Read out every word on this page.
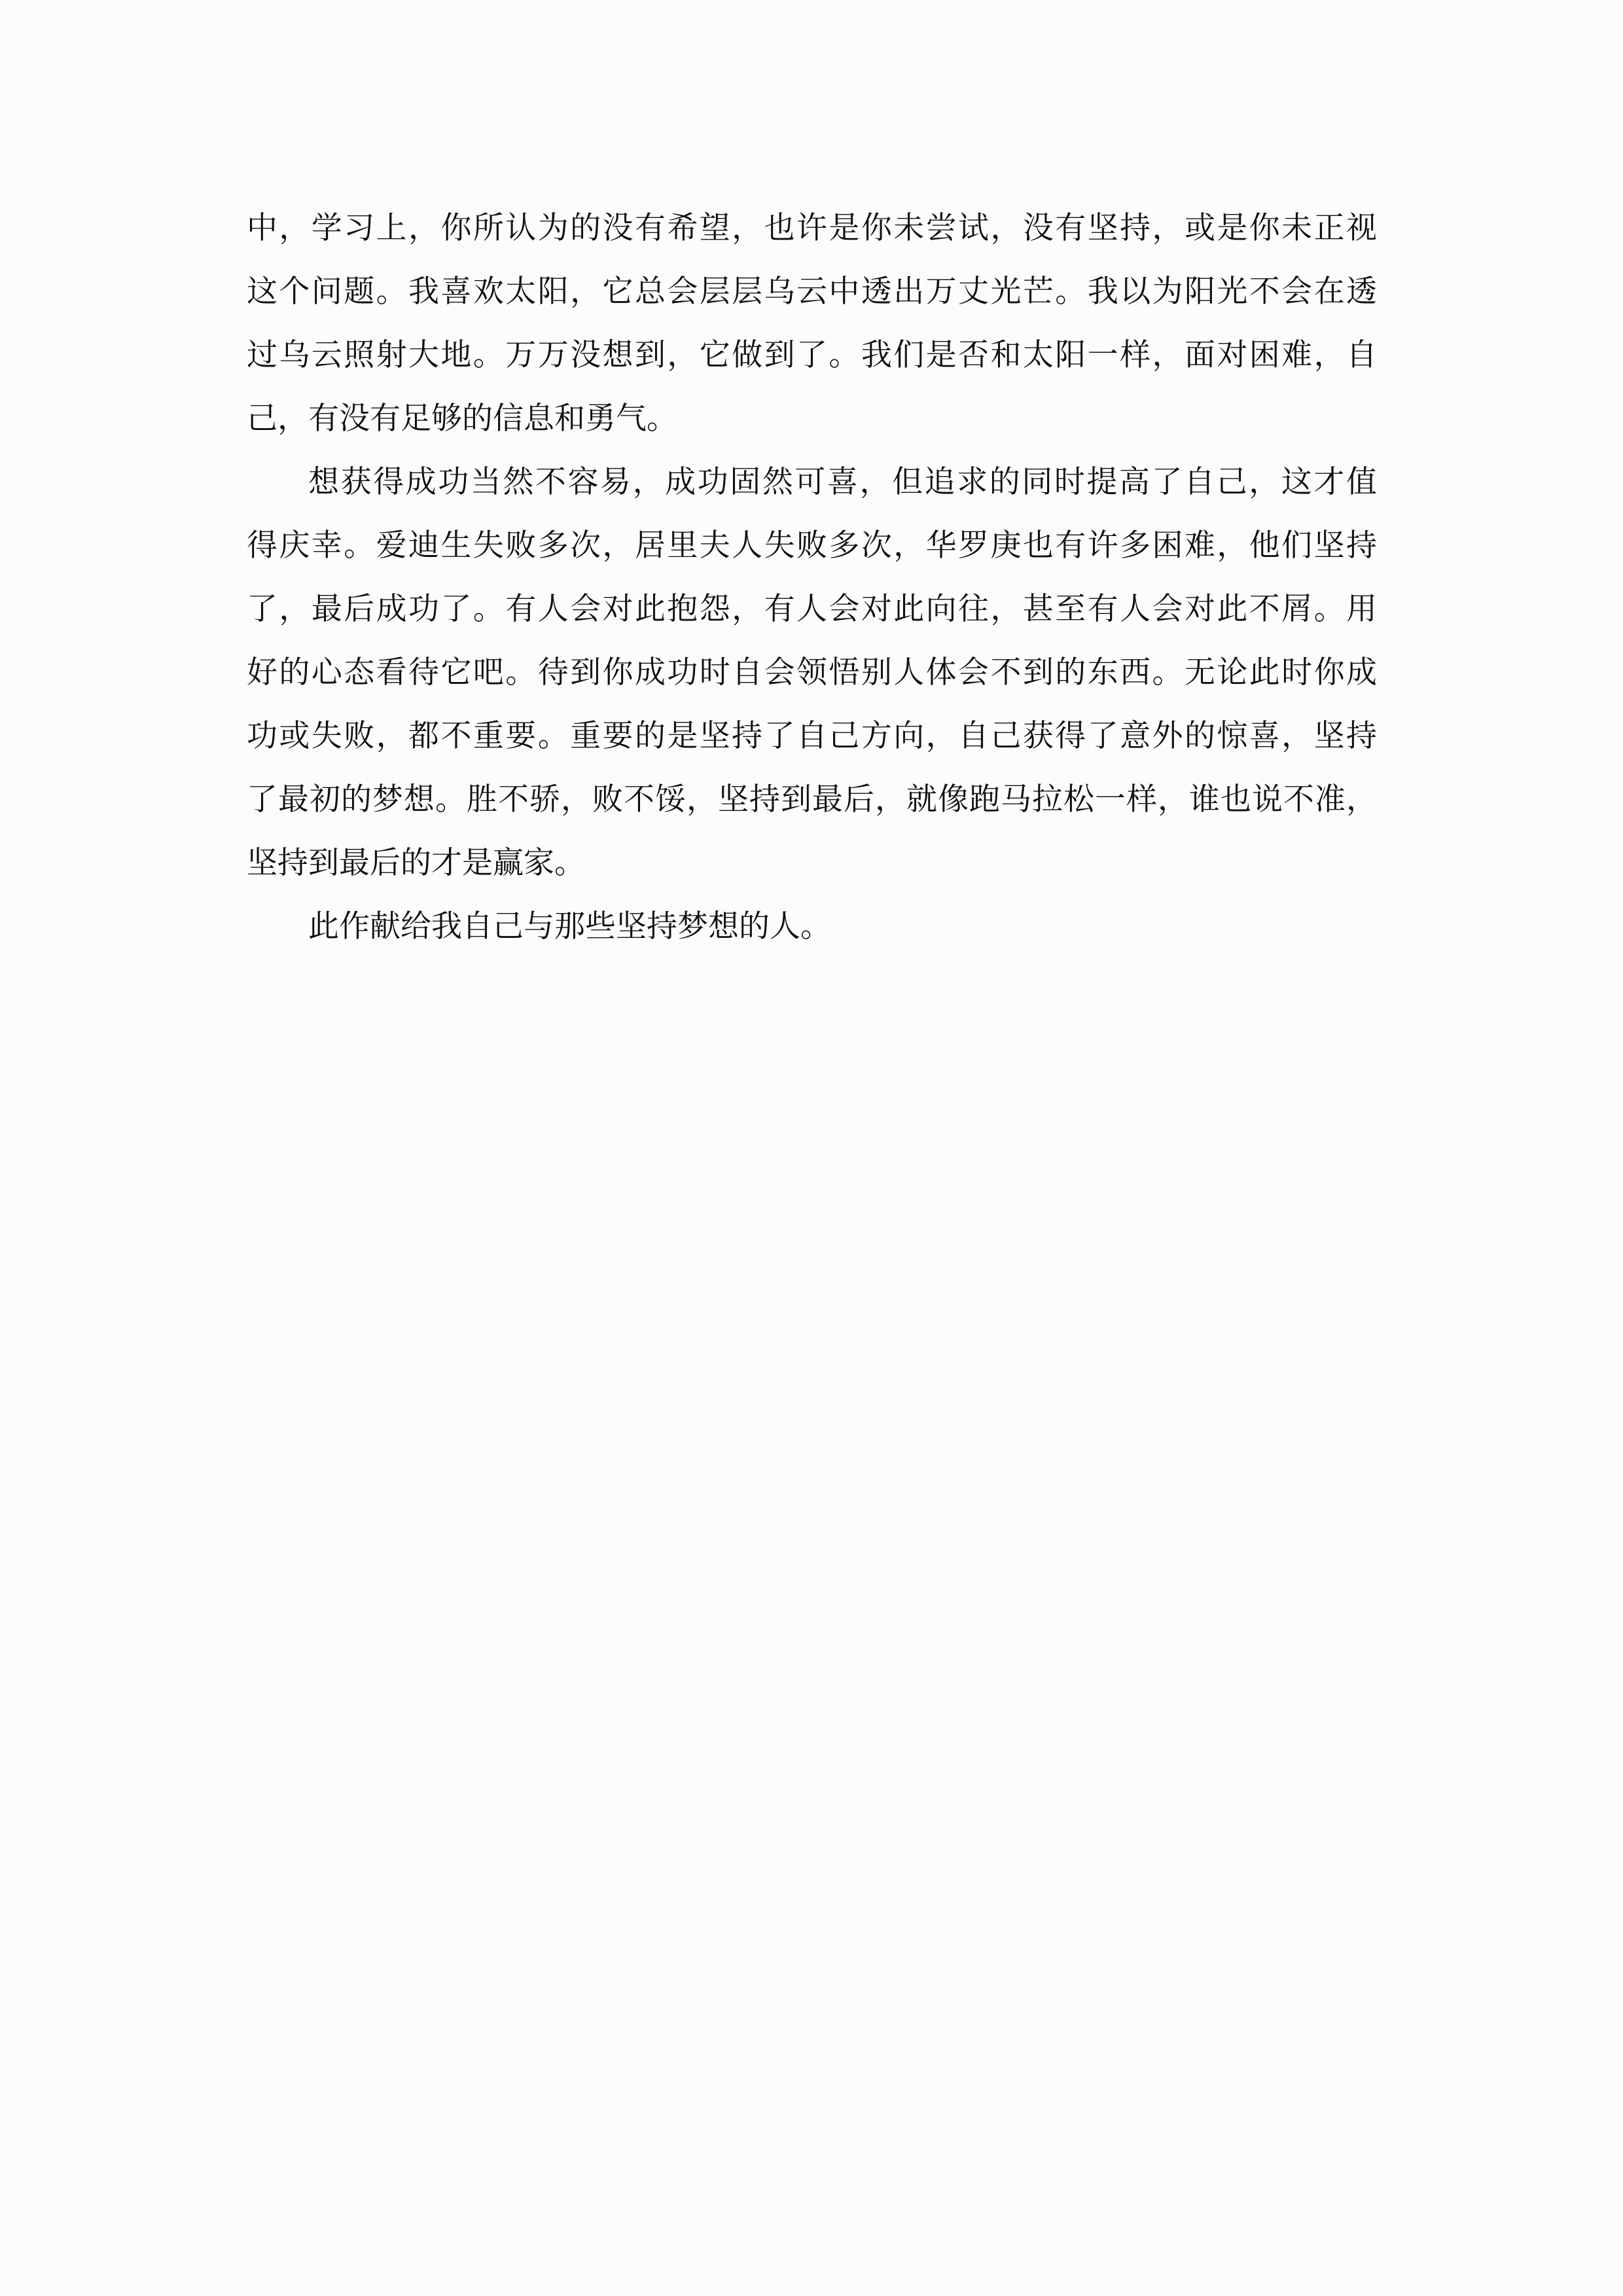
中，学习上，你所认为的没有希望，也许是你未尝试，没有坚持，或是你未正视
这个问题。我喜欢太阳，它总会层层乌云中透出万丈光芒。我以为阳光不会在透
过乌云照射大地。万万没想到，它做到了。我们是否和太阳一样，面对困难，自
己，有没有足够的信息和勇气。
想获得成功当然不容易，成功固然可喜，但追求的同时提高了自己，这才值
得庆幸。爱迪生失败多次，居里夫人失败多次，华罗庚也有许多困难，他们坚持
了，最后成功了。有人会对此抱怨，有人会对此向往，甚至有人会对此不屑。用
好的心态看待它吧。待到你成功时自会领悟别人体会不到的东西。无论此时你成
功或失败，都不重要。重要的是坚持了自己方向，自己获得了意外的惊喜，坚持
了最初的梦想。胜不骄，败不馁，坚持到最后，就像跑马拉松一样，谁也说不准，
坚持到最后的才是赢家。
此作献给我自己与那些坚持梦想的人。
